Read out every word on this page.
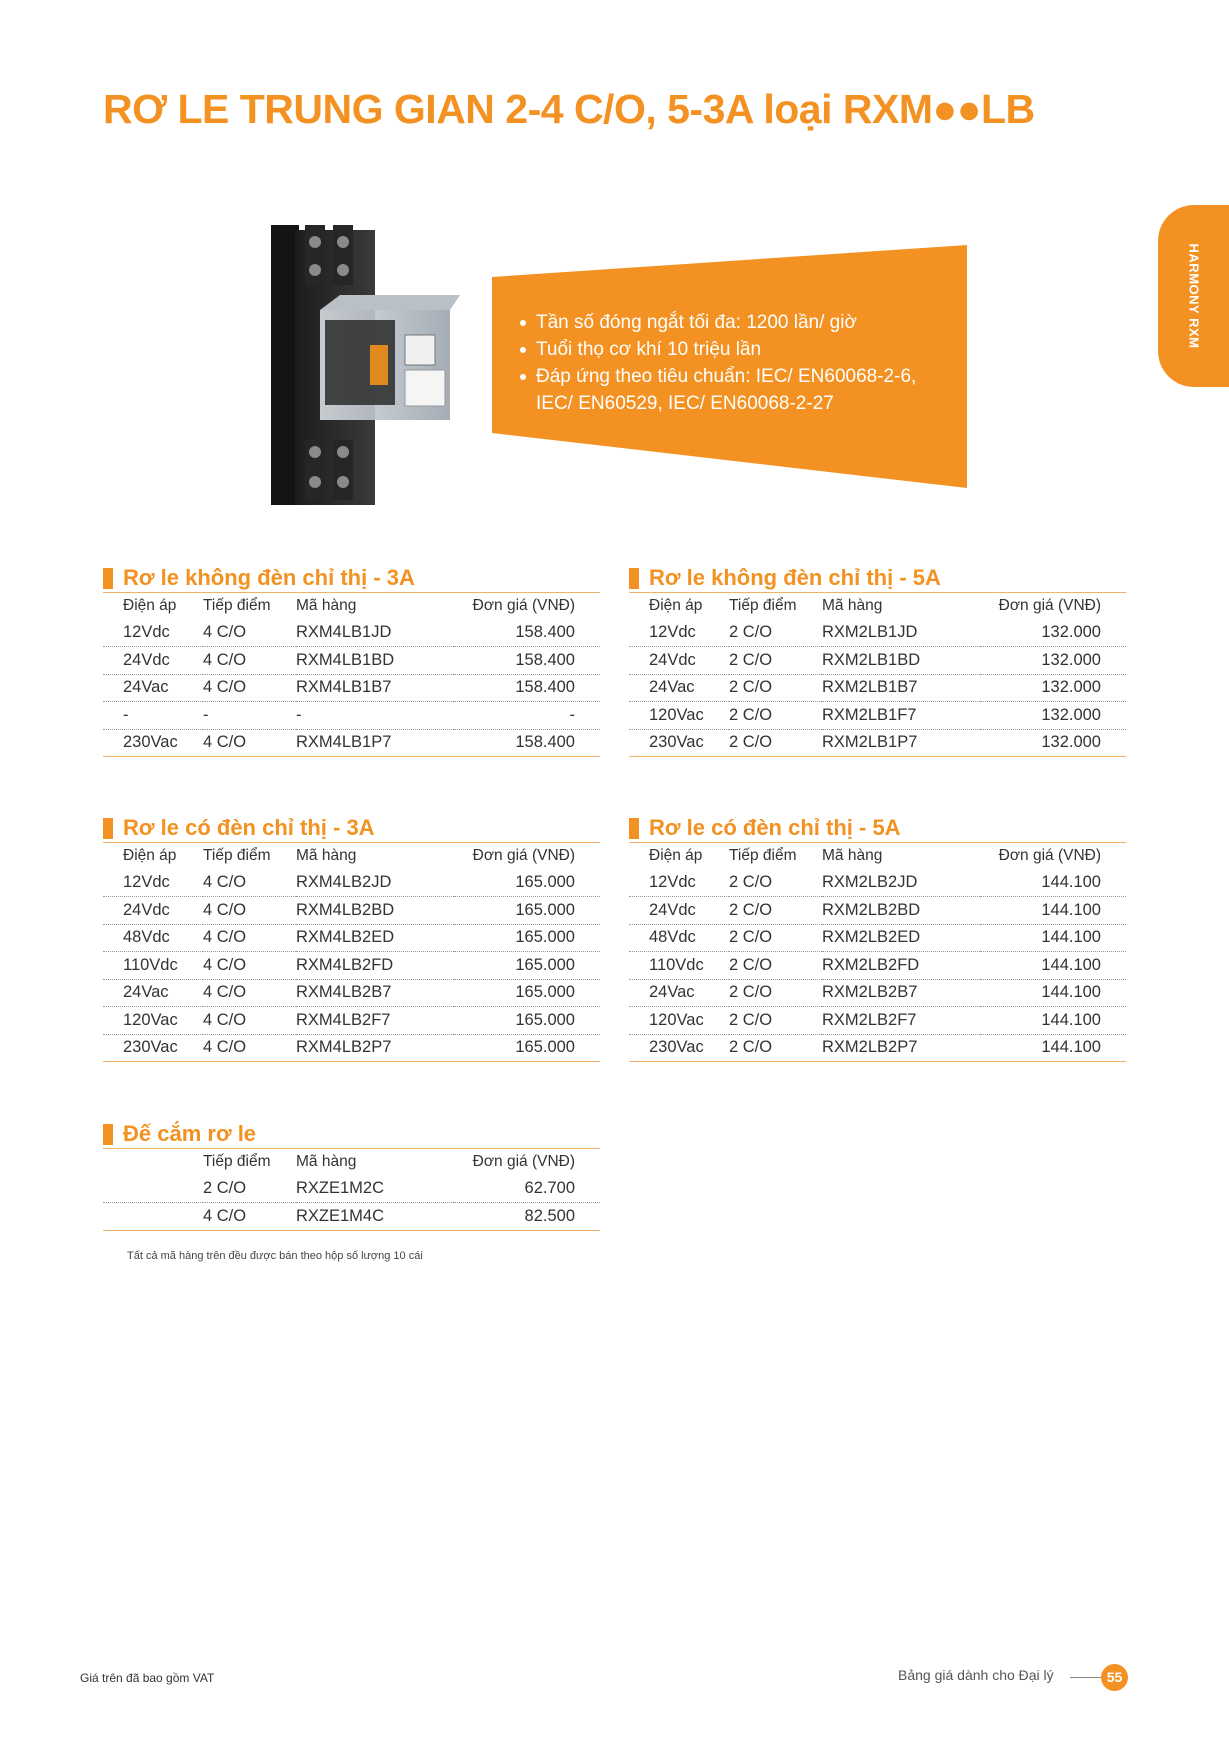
RƠ LE TRUNG GIAN 2-4 C/O, 5-3A loại RXM●●LB
HARMONY RXM
Tần số đóng ngắt tối đa: 1200 lần/ giờ
Tuổi thọ cơ khí 10 triệu lần
Đáp ứng theo tiêu chuẩn: IEC/ EN60068-2-6, IEC/ EN60529, IEC/ EN60068-2-27
Rơ le không đèn chỉ thị - 3A
Điện áp	Tiếp điểm	Mã hàng	Đơn giá (VNĐ)
12Vdc	4 C/O	RXM4LB1JD	158.400
24Vdc	4 C/O	RXM4LB1BD	158.400
24Vac	4 C/O	RXM4LB1B7	158.400
-	-	-	-
230Vac	4 C/O	RXM4LB1P7	158.400
Rơ le không đèn chỉ thị - 5A
Điện áp	Tiếp điểm	Mã hàng	Đơn giá (VNĐ)
12Vdc	2 C/O	RXM2LB1JD	132.000
24Vdc	2 C/O	RXM2LB1BD	132.000
24Vac	2 C/O	RXM2LB1B7	132.000
120Vac	2 C/O	RXM2LB1F7	132.000
230Vac	2 C/O	RXM2LB1P7	132.000
Rơ le có đèn chỉ thị - 3A
Điện áp	Tiếp điểm	Mã hàng	Đơn giá (VNĐ)
12Vdc	4 C/O	RXM4LB2JD	165.000
24Vdc	4 C/O	RXM4LB2BD	165.000
48Vdc	4 C/O	RXM4LB2ED	165.000
110Vdc	4 C/O	RXM4LB2FD	165.000
24Vac	4 C/O	RXM4LB2B7	165.000
120Vac	4 C/O	RXM4LB2F7	165.000
230Vac	4 C/O	RXM4LB2P7	165.000
Rơ le có đèn chỉ thị - 5A
Điện áp	Tiếp điểm	Mã hàng	Đơn giá (VNĐ)
12Vdc	2 C/O	RXM2LB2JD	144.100
24Vdc	2 C/O	RXM2LB2BD	144.100
48Vdc	2 C/O	RXM2LB2ED	144.100
110Vdc	2 C/O	RXM2LB2FD	144.100
24Vac	2 C/O	RXM2LB2B7	144.100
120Vac	2 C/O	RXM2LB2F7	144.100
230Vac	2 C/O	RXM2LB2P7	144.100
Đế cắm rơ le
	Tiếp điểm	Mã hàng	Đơn giá (VNĐ)
	2 C/O	RXZE1M2C	62.700
	4 C/O	RXZE1M4C	82.500
Tất cả mã hàng trên đều được bán theo hộp số lượng 10 cái
Giá trên đã bao gồm VAT	Bảng giá dành cho Đại lý	55
